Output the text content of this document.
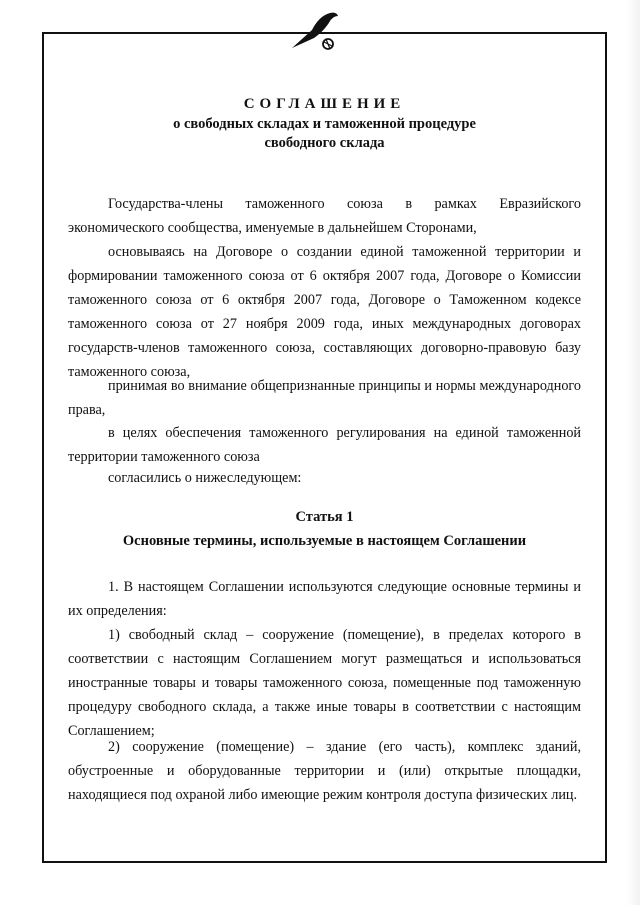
СОГЛАШЕНИЕ
о свободных складах и таможенной процедуре
свободного склада

Государства-члены таможенного союза в рамках Евразийского экономического сообщества, именуемые в дальнейшем Сторонами,

основываясь на Договоре о создании единой таможенной территории и формировании таможенного союза от 6 октября 2007 года, Договоре о Комиссии таможенного союза от 6 октября 2007 года, Договоре о Таможенном кодексе таможенного союза от 27 ноября 2009 года, иных международных договорах государств-членов таможенного союза, составляющих договорно-правовую базу таможенного союза,

принимая во внимание общепризнанные принципы и нормы международного права,

в целях обеспечения таможенного регулирования на единой таможенной территории таможенного союза

согласились о нижеследующем:

Статья 1
Основные термины, используемые в настоящем Соглашении

1. В настоящем Соглашении используются следующие основные термины и их определения:

1) свободный склад – сооружение (помещение), в пределах которого в соответствии с настоящим Соглашением могут размещаться и использоваться иностранные товары и товары таможенного союза, помещенные под таможенную процедуру свободного склада, а также иные товары в соответствии с настоящим Соглашением;

2) сооружение (помещение) – здание (его часть), комплекс зданий, обустроенные и оборудованные территории и (или) открытые площадки, находящиеся под охраной либо имеющие режим контроля доступа физических лиц.
